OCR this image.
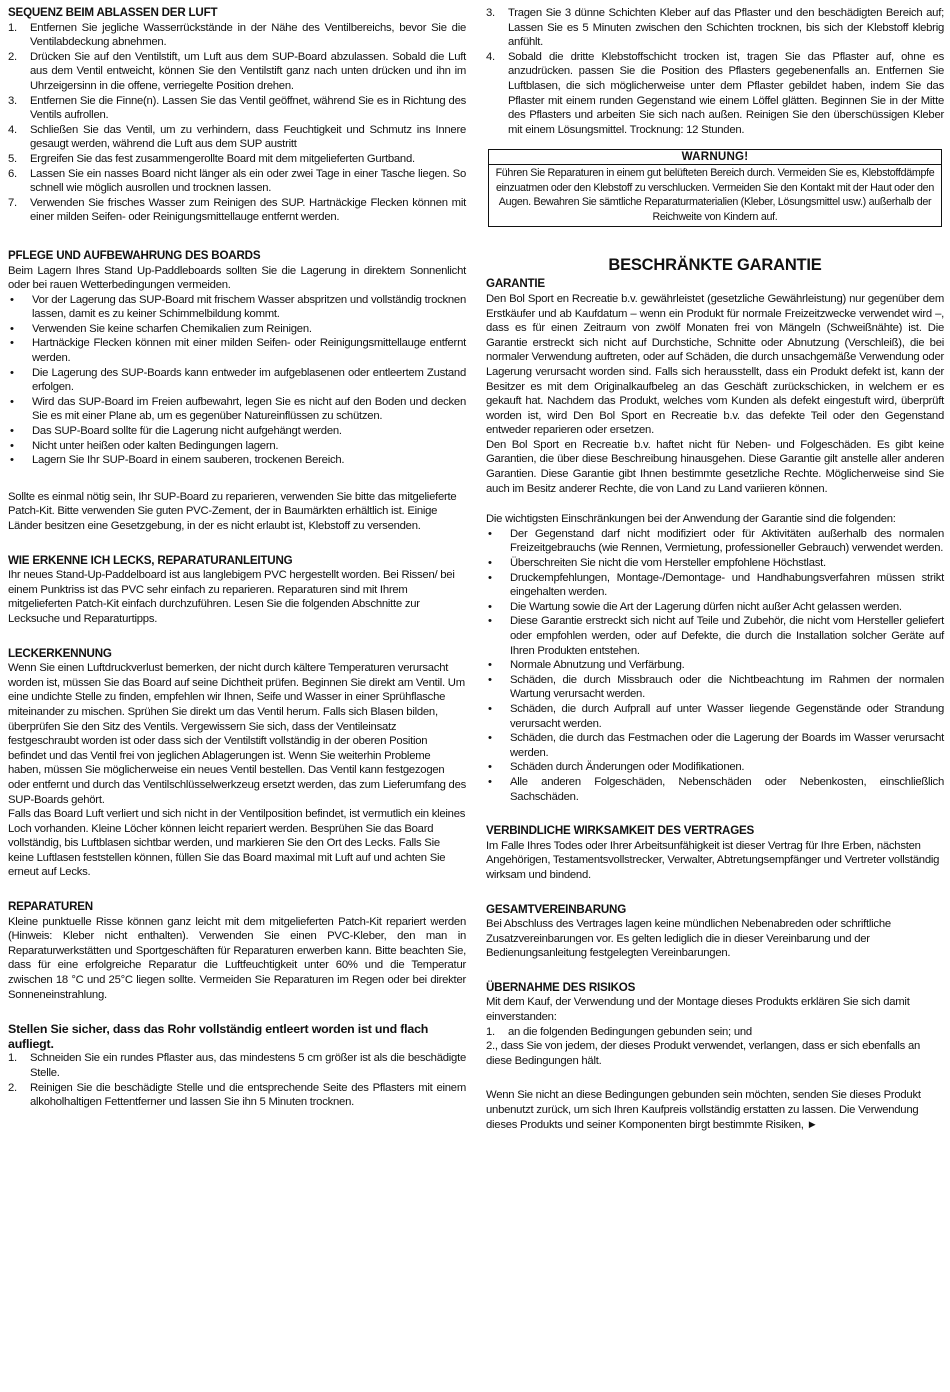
SEQUENZ BEIM ABLASSEN DER LUFT

1.	Entfernen Sie jegliche Wasserrückstände in der Nähe des Ventilbereichs, bevor Sie die Ventilabdeckung abnehmen.
2.	Drücken Sie auf den Ventilstift, um Luft aus dem SUP-Board abzulassen. Sobald die Luft aus dem Ventil entweicht, können Sie den Ventilstift ganz nach unten drücken und ihn im Uhrzeigersinn in die offene, verriegelte Position drehen.
3.	Entfernen Sie die Finne(n). Lassen Sie das Ventil geöffnet, während Sie es in Richtung des Ventils aufrollen.
4.	Schließen Sie das Ventil, um zu verhindern, dass Feuchtigkeit und Schmutz ins Innere gesaugt werden, während die Luft aus dem SUP austritt
5.	Ergreifen Sie das fest zusammengerollte Board mit dem mitgelieferten Gurtband.
6.	Lassen Sie ein nasses Board nicht länger als ein oder zwei Tage in einer Tasche liegen. So schnell wie möglich ausrollen und trocknen lassen.
7.	Verwenden Sie frisches Wasser zum Reinigen des SUP. Hartnäckige Flecken können mit einer milden Seifen- oder Reinigungsmittellauge entfernt werden.

PFLEGE UND AUFBEWAHRUNG DES BOARDS

Beim Lagern Ihres Stand Up-Paddleboards sollten Sie die Lagerung in direktem Sonnenlicht oder bei rauen Wetterbedingungen vermeiden.

•	Vor der Lagerung das SUP-Board mit frischem Wasser abspritzen und vollständig trocknen lassen, damit es zu keiner Schimmelbildung kommt.
•	Verwenden Sie keine scharfen Chemikalien zum Reinigen.
•	Hartnäckige Flecken können mit einer milden Seifen- oder Reinigungsmittellauge entfernt werden.
•	Die Lagerung des SUP-Boards kann entweder im aufgeblasenen oder entleertem Zustand erfolgen.
•	Wird das SUP-Board im Freien aufbewahrt, legen Sie es nicht auf den Boden und decken Sie es mit einer Plane ab, um es gegenüber Natureinflüssen zu schützen.
•	Das SUP-Board sollte für die Lagerung nicht aufgehängt werden.
•	Nicht unter heißen oder kalten Bedingungen lagern.
•	Lagern Sie Ihr SUP-Board in einem sauberen, trockenen Bereich.

Sollte es einmal nötig sein, Ihr SUP-Board zu reparieren, verwenden Sie bitte das mitgelieferte Patch-Kit. Bitte verwenden Sie guten PVC-Zement, der in Baumärkten erhältlich ist. Einige Länder besitzen eine Gesetzgebung, in der es nicht erlaubt ist, Klebstoff zu versenden.

WIE ERKENNE ICH LECKS, REPARATURANLEITUNG

Ihr neues Stand-Up-Paddelboard ist aus langlebigem PVC hergestellt worden. Bei Rissen/ bei einem Punktriss ist das PVC sehr einfach zu reparieren. Reparaturen sind mit Ihrem mitgelieferten Patch-Kit einfach durchzuführen. Lesen Sie die folgenden Abschnitte zur Lecksuche und Reparaturtipps.

LECKERKENNUNG

Wenn Sie einen Luftdruckverlust bemerken, der nicht durch kältere Temperaturen verursacht worden ist, müssen Sie das Board auf seine Dichtheit prüfen. Beginnen Sie direkt am Ventil. Um eine undichte Stelle zu finden, empfehlen wir Ihnen, Seife und Wasser in einer Sprühflasche miteinander zu mischen. Sprühen Sie direkt um das Ventil herum. Falls sich Blasen bilden, überprüfen Sie den Sitz des Ventils. Vergewissern Sie sich, dass der Ventileinsatz festgeschraubt worden ist oder dass sich der Ventilstift vollständig in der oberen Position befindet und das Ventil frei von jeglichen Ablagerungen ist. Wenn Sie weiterhin Probleme haben, müssen Sie möglicherweise ein neues Ventil bestellen. Das Ventil kann festgezogen oder entfernt und durch das Ventilschlüsselwerkzeug ersetzt werden, das zum Lieferumfang des SUP-Boards gehört.

Falls das Board Luft verliert und sich nicht in der Ventilposition befindet, ist vermutlich ein kleines Loch vorhanden. Kleine Löcher können leicht repariert werden. Besprühen Sie das Board vollständig, bis Luftblasen sichtbar werden, und markieren Sie den Ort des Lecks. Falls Sie keine Luftlasen feststellen können, füllen Sie das Board maximal mit Luft auf und achten Sie erneut auf Lecks.

REPARATUREN

Kleine punktuelle Risse können ganz leicht mit dem mitgelieferten Patch-Kit repariert werden (Hinweis: Kleber nicht enthalten). Verwenden Sie einen PVC-Kleber, den man in Reparaturwerkstätten und Sportgeschäften für Reparaturen erwerben kann. Bitte beachten Sie, dass für eine erfolgreiche Reparatur die Luftfeuchtigkeit unter 60% und die Temperatur zwischen 18 °C und 25°C liegen sollte. Vermeiden Sie Reparaturen im Regen oder bei direkter Sonneneinstrahlung.

Stellen Sie sicher, dass das Rohr vollständig entleert worden ist und flach aufliegt.

1.	Schneiden Sie ein rundes Pflaster aus, das mindestens 5 cm größer ist als die beschädigte Stelle.
2.	Reinigen Sie die beschädigte Stelle und die entsprechende Seite des Pflasters mit einem alkoholhaltigen Fettentferner und lassen Sie ihn 5 Minuten trocknen.
3.	Tragen Sie 3 dünne Schichten Kleber auf das Pflaster und den beschädigten Bereich auf; Lassen Sie es 5 Minuten zwischen den Schichten trocknen, bis sich der Klebstoff klebrig anfühlt.
4.	Sobald die dritte Klebstoffschicht trocken ist, tragen Sie das Pflaster auf, ohne es anzudrücken. passen Sie die Position des Pflasters gegebenenfalls an. Entfernen Sie Luftblasen, die sich möglicherweise unter dem Pflaster gebildet haben, indem Sie das Pflaster mit einem runden Gegenstand wie einem Löffel glätten. Beginnen Sie in der Mitte des Pflasters und arbeiten Sie sich nach außen. Reinigen Sie den überschüssigen Kleber mit einem Lösungsmittel. Trocknung: 12 Stunden.
WARNUNG!
Führen Sie Reparaturen in einem gut belüfteten Bereich durch. Vermeiden Sie es, Klebstoffdämpfe einzuatmen oder den Klebstoff zu verschlucken. Vermeiden Sie den Kontakt mit der Haut oder den Augen. Bewahren Sie sämtliche Reparaturmaterialien (Kleber, Lösungsmittel usw.) außerhalb der Reichweite von Kindern auf.
BESCHRÄNKTE GARANTIE

GARANTIE

Den Bol Sport en Recreatie b.v. gewährleistet (gesetzliche Gewährleistung) nur gegenüber dem Erstkäufer und ab Kaufdatum – wenn ein Produkt für normale Freizeitzwecke verwendet wird –, dass es für einen Zeitraum von zwölf Monaten frei von Mängeln (Schweißnähte) ist. Die Garantie erstreckt sich nicht auf Durchstiche, Schnitte oder Abnutzung (Verschleiß), die bei normaler Verwendung auftreten, oder auf Schäden, die durch unsachgemäße Verwendung oder Lagerung verursacht worden sind. Falls sich herausstellt, dass ein Produkt defekt ist, kann der Besitzer es mit dem Originalkaufbeleg an das Geschäft zurückschicken, in welchem er es gekauft hat. Nachdem das Produkt, welches vom Kunden als defekt eingestuft wird, überprüft worden ist, wird Den Bol Sport en Recreatie b.v. das defekte Teil oder den Gegenstand entweder reparieren oder ersetzen.

Den Bol Sport en Recreatie b.v. haftet nicht für Neben- und Folgeschäden. Es gibt keine Garantien, die über diese Beschreibung hinausgehen. Diese Garantie gilt anstelle aller anderen Garantien. Diese Garantie gibt Ihnen bestimmte gesetzliche Rechte. Möglicherweise sind Sie auch im Besitz anderer Rechte, die von Land zu Land variieren können.

Die wichtigsten Einschränkungen bei der Anwendung der Garantie sind die folgenden:

•	Der Gegenstand darf nicht modifiziert oder für Aktivitäten außerhalb des normalen Freizeitgebrauchs (wie Rennen, Vermietung, professioneller Gebrauch) verwendet werden.
•	Überschreiten Sie nicht die vom Hersteller empfohlene Höchstlast.
•	Druckempfehlungen, Montage-/Demontage- und Handhabungsverfahren müssen strikt eingehalten werden.
•	Die Wartung sowie die Art der Lagerung dürfen nicht außer Acht gelassen werden.
•	Diese Garantie erstreckt sich nicht auf Teile und Zubehör, die nicht vom Hersteller geliefert oder empfohlen werden, oder auf Defekte, die durch die Installation solcher Geräte auf Ihren Produkten entstehen.
•	Normale Abnutzung und Verfärbung.
•	Schäden, die durch Missbrauch oder die Nichtbeachtung im Rahmen der normalen Wartung verursacht werden.
•	Schäden, die durch Aufprall auf unter Wasser liegende Gegenstände oder Strandung verursacht werden.
•	Schäden, die durch das Festmachen oder die Lagerung der Boards im Wasser verursacht werden.
•	Schäden durch Änderungen oder Modifikationen.
•	Alle anderen Folgeschäden, Nebenschäden oder Nebenkosten, einschließlich Sachschäden.

VERBINDLICHE WIRKSAMKEIT DES VERTRAGES

Im Falle Ihres Todes oder Ihrer Arbeitsunfähigkeit ist dieser Vertrag für Ihre Erben, nächsten Angehörigen, Testamentsvollstrecker, Verwalter, Abtretungsempfänger und Vertreter vollständig wirksam und bindend.

GESAMTVEREINBARUNG

Bei Abschluss des Vertrages lagen keine mündlichen Nebenabreden oder schriftliche Zusatzvereinbarungen vor. Es gelten lediglich die in dieser Vereinbarung und der Bedienungsanleitung festgelegten Vereinbarungen.

ÜBERNAHME DES RISIKOS

Mit dem Kauf, der Verwendung und der Montage dieses Produkts erklären Sie sich damit einverstanden:

1.	an die folgenden Bedingungen gebunden sein; und

2., dass Sie von jedem, der dieses Produkt verwendet, verlangen, dass er sich ebenfalls an diese Bedingungen hält.

Wenn Sie nicht an diese Bedingungen gebunden sein möchten, senden Sie dieses Produkt unbenutzt zurück, um sich Ihren Kaufpreis vollständig erstatten zu lassen. Die Verwendung dieses Produkts und seiner Komponenten birgt bestimmte Risiken, ►
